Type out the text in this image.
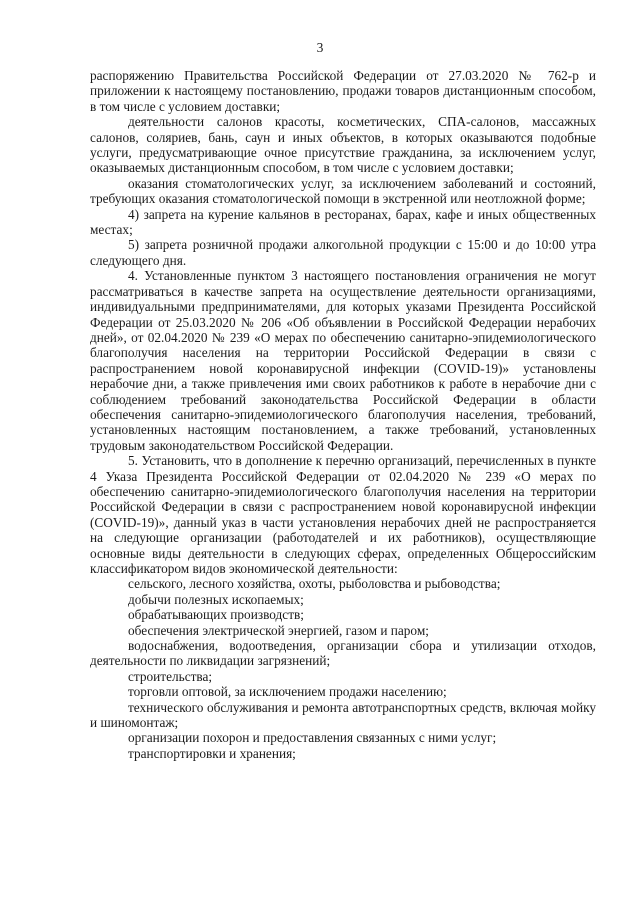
3

распоряжению Правительства Российской Федерации от 27.03.2020 № 762-р и приложении к настоящему постановлению, продажи товаров дистанционным способом, в том числе с условием доставки;

деятельности салонов красоты, косметических, СПА-салонов, массажных салонов, соляриев, бань, саун и иных объектов, в которых оказываются подобные услуги, предусматривающие очное присутствие гражданина, за исключением услуг, оказываемых дистанционным способом, в том числе с условием доставки;

оказания стоматологических услуг, за исключением заболеваний и состояний, требующих оказания стоматологической помощи в экстренной или неотложной форме;

4) запрета на курение кальянов в ресторанах, барах, кафе и иных общественных местах;

5) запрета розничной продажи алкогольной продукции с 15:00 и до 10:00 утра следующего дня.

4. Установленные пунктом 3 настоящего постановления ограничения не могут рассматриваться в качестве запрета на осуществление деятельности организациями, индивидуальными предпринимателями, для которых указами Президента Российской Федерации от 25.03.2020 № 206 «Об объявлении в Российской Федерации нерабочих дней», от 02.04.2020 № 239 «О мерах по обеспечению санитарно-эпидемиологического благополучия населения на территории Российской Федерации в связи с распространением новой коронавирусной инфекции (COVID-19)» установлены нерабочие дни, а также привлечения ими своих работников к работе в нерабочие дни с соблюдением требований законодательства Российской Федерации в области обеспечения санитарно-эпидемиологического благополучия населения, требований, установленных настоящим постановлением, а также требований, установленных трудовым законодательством Российской Федерации.

5. Установить, что в дополнение к перечню организаций, перечисленных в пункте 4 Указа Президента Российской Федерации от 02.04.2020 № 239 «О мерах по обеспечению санитарно-эпидемиологического благополучия населения на территории Российской Федерации в связи с распространением новой коронавирусной инфекции (COVID-19)», данный указ в части установления нерабочих дней не распространяется на следующие организации (работодателей и их работников), осуществляющие основные виды деятельности в следующих сферах, определенных Общероссийским классификатором видов экономической деятельности:

сельского, лесного хозяйства, охоты, рыболовства и рыбоводства;

добычи полезных ископаемых;

обрабатывающих производств;

обеспечения электрической энергией, газом и паром;

водоснабжения, водоотведения, организации сбора и утилизации отходов, деятельности по ликвидации загрязнений;

строительства;

торговли оптовой, за исключением продажи населению;

технического обслуживания и ремонта автотранспортных средств, включая мойку и шиномонтаж;

организации похорон и предоставления связанных с ними услуг;

транспортировки и хранения;
